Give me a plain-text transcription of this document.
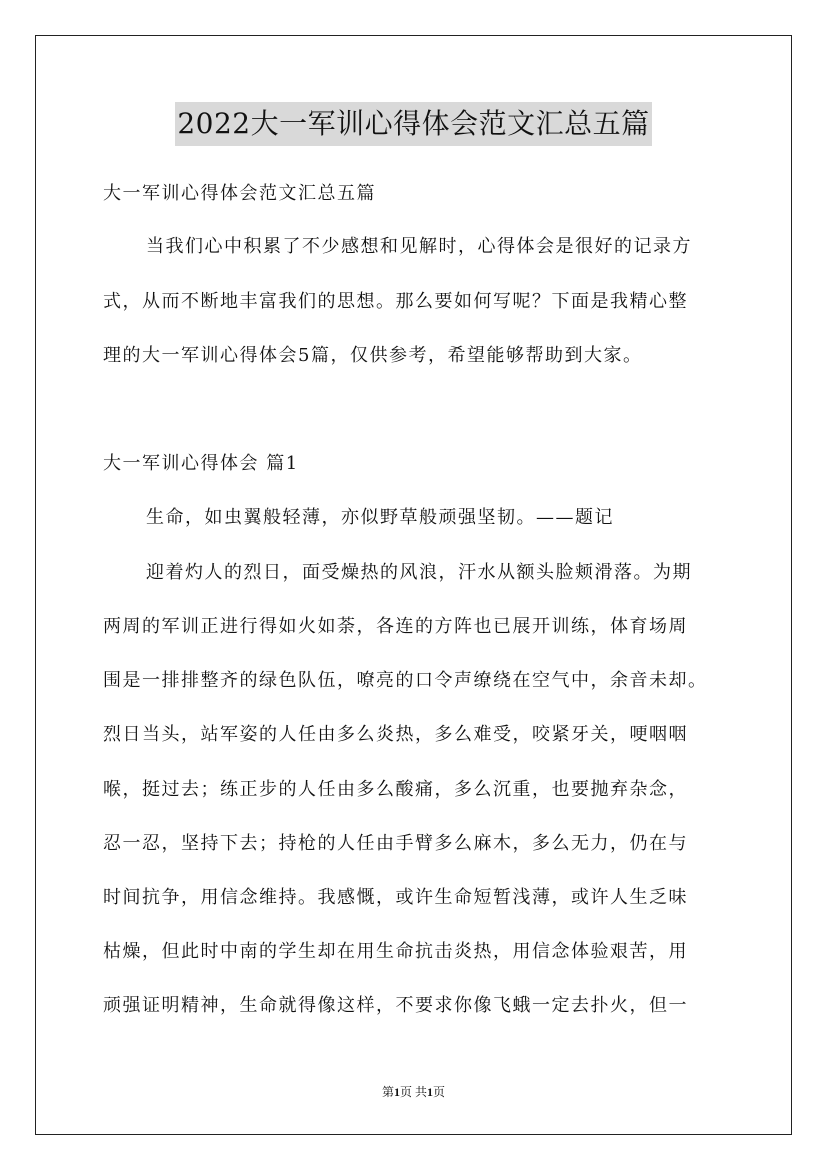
2022大一军训心得体会范文汇总五篇
大一军训心得体会范文汇总五篇
当我们心中积累了不少感想和见解时，心得体会是很好的记录方
式，从而不断地丰富我们的思想。那么要如何写呢？下面是我精心整
理的大一军训心得体会5篇，仅供参考，希望能够帮助到大家。
大一军训心得体会 篇1
生命，如虫翼般轻薄，亦似野草般顽强坚韧。——题记
迎着灼人的烈日，面受燥热的风浪，汗水从额头脸颊滑落。为期
两周的军训正进行得如火如荼，各连的方阵也已展开训练，体育场周
围是一排排整齐的绿色队伍，嘹亮的口令声缭绕在空气中，余音未却。
烈日当头，站军姿的人任由多么炎热，多么难受，咬紧牙关，哽咽咽
喉，挺过去；练正步的人任由多么酸痛，多么沉重，也要抛弃杂念，
忍一忍，坚持下去；持枪的人任由手臂多么麻木，多么无力，仍在与
时间抗争，用信念维持。我感慨，或许生命短暂浅薄，或许人生乏味
枯燥，但此时中南的学生却在用生命抗击炎热，用信念体验艰苦，用
顽强证明精神，生命就得像这样，不要求你像飞蛾一定去扑火，但一
第1页 共1页
